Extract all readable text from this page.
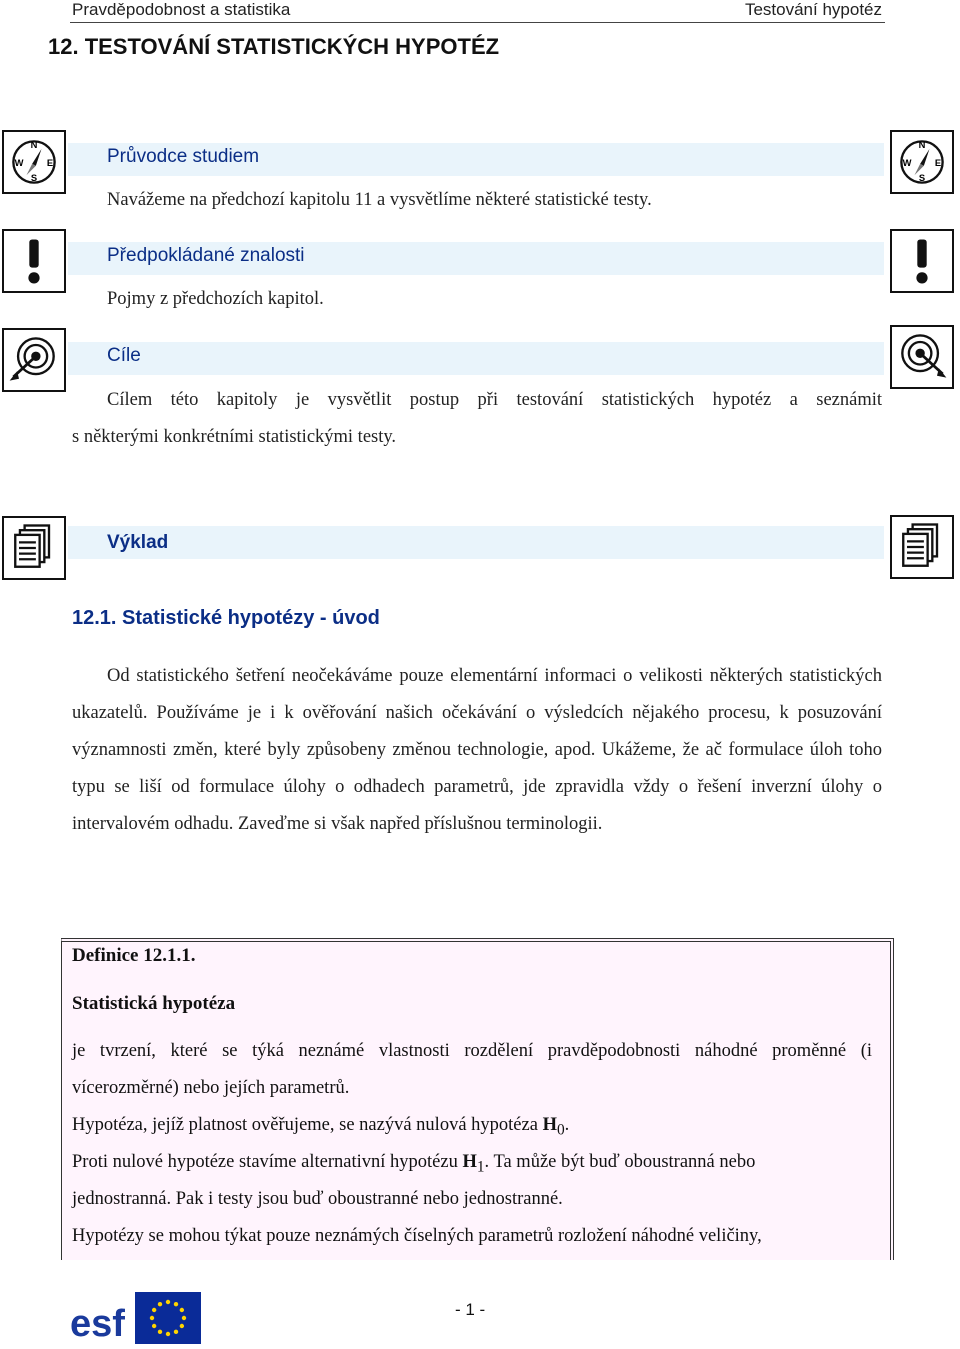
Pravděpodobnost a statistika	Testování hypotéz
12. TESTOVÁNÍ STATISTICKÝCH HYPOTÉZ
N
W E
S
N
W E
S
Průvodce studiem
Navážeme na předchozí kapitolu 11 a vysvětlíme některé statistické testy.
Předpokládané znalosti
Pojmy z předchozích kapitol.
Cíle
Cílem této kapitoly je vysvětlit postup při testování statistických hypotéz a seznámit
s některými konkrétními statistickými testy.
Výklad
12.1. Statistické hypotézy - úvod
Od statistického šetření neočekáváme pouze elementární informaci o velikosti některých statistických ukazatelů. Používáme je i k ověřování našich očekávání o výsledcích nějakého procesu, k posuzování významnosti změn, které byly způsobeny změnou technologie, apod. Ukážeme, že ač formulace úloh toho typu se liší od formulace úlohy o odhadech parametrů, jde zpravidla vždy o řešení inverzní úlohy o intervalovém odhadu. Zaveďme si však napřed příslušnou terminologii.
Definice 12.1.1.
Statistická hypotéza
je tvrzení, které se týká neznámé vlastnosti rozdělení pravděpodobnosti náhodné proměnné (i
vícerozměrné) nebo jejích parametrů.
Hypotéza, jejíž platnost ověřujeme, se nazývá nulová hypotéza $H_0$.
Proti nulové hypotéze stavíme alternativní hypotézu $H_1$. Ta může být buď oboustranná nebo
jednostranná. Pak i testy jsou buď oboustranné nebo jednostranné.
Hypotézy se mohou týkat pouze neznámých číselných parametrů rozložení náhodné veličiny,
esf	- 1 -
